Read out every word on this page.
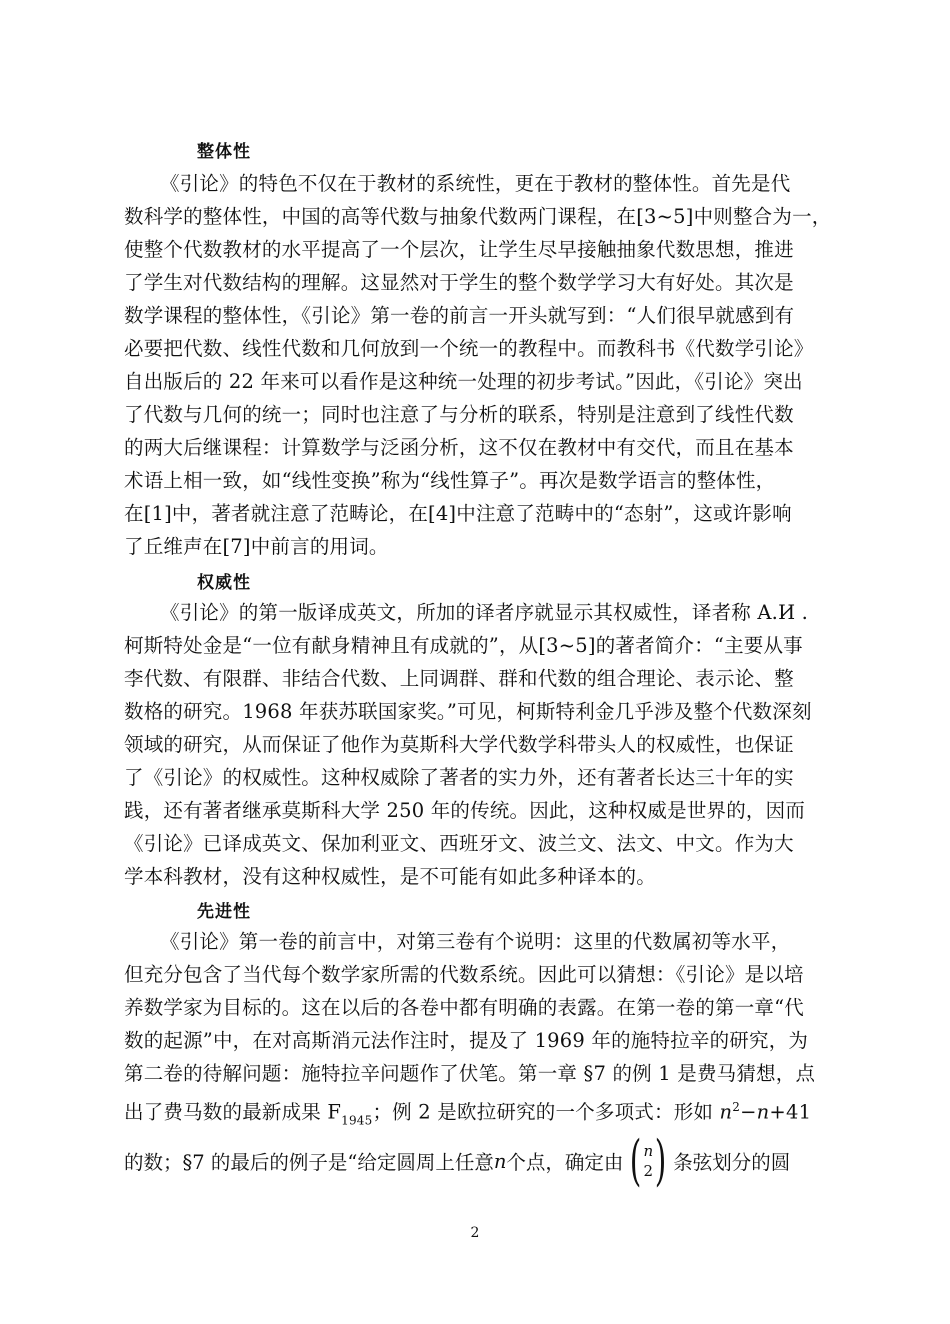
整体性
《引论》的特色不仅在于教材的系统性，更在于教材的整体性。首先是代
数科学的整体性，中国的高等代数与抽象代数两门课程，在[3~5]中则整合为一，
使整个代数教材的水平提高了一个层次，让学生尽早接触抽象代数思想，推进
了学生对代数结构的理解。这显然对于学生的整个数学学习大有好处。其次是
数学课程的整体性，《引论》第一卷的前言一开头就写到：“人们很早就感到有
必要把代数、线性代数和几何放到一个统一的教程中。而教科书《代数学引论》
自出版后的 22 年来可以看作是这种统一处理的初步考试。”因此，《引论》突出
了代数与几何的统一；同时也注意了与分析的联系，特别是注意到了线性代数
的两大后继课程：计算数学与泛函分析，这不仅在教材中有交代，而且在基本
术语上相一致，如“线性变换”称为“线性算子”。再次是数学语言的整体性，
在[1]中，著者就注意了范畴论，在[4]中注意了范畴中的“态射”，这或许影响
了丘维声在[7]中前言的用词。
权威性
《引论》的第一版译成英文，所加的译者序就显示其权威性，译者称 A.И .
柯斯特处金是“一位有献身精神且有成就的”，从[3~5]的著者简介：“主要从事
李代数、有限群、非结合代数、上同调群、群和代数的组合理论、表示论、整
数格的研究。1968 年获苏联国家奖。”可见，柯斯特利金几乎涉及整个代数深刻
领域的研究，从而保证了他作为莫斯科大学代数学科带头人的权威性，也保证
了《引论》的权威性。这种权威除了著者的实力外，还有著者长达三十年的实
践，还有著者继承莫斯科大学 250 年的传统。因此，这种权威是世界的，因而
《引论》已译成英文、保加利亚文、西班牙文、波兰文、法文、中文。作为大
学本科教材，没有这种权威性，是不可能有如此多种译本的。
先进性
《引论》第一卷的前言中，对第三卷有个说明：这里的代数属初等水平，
但充分包含了当代每个数学家所需的代数系统。因此可以猜想：《引论》是以培
养数学家为目标的。这在以后的各卷中都有明确的表露。在第一卷的第一章“代
数的起源”中，在对高斯消元法作注时，提及了 1969 年的施特拉辛的研究，为
第二卷的待解问题：施特拉辛问题作了伏笔。第一章 §7 的例 1 是费马猜想，点
出了费马数的最新成果 $F_{1945}$；例 2 是欧拉研究的一个多项式：形如 $n^2-n+41$
的数；§7 的最后的例子是“给定圆周上任意 n 个点，确定由 ( n
2 ) 条弦划分的圆
2
